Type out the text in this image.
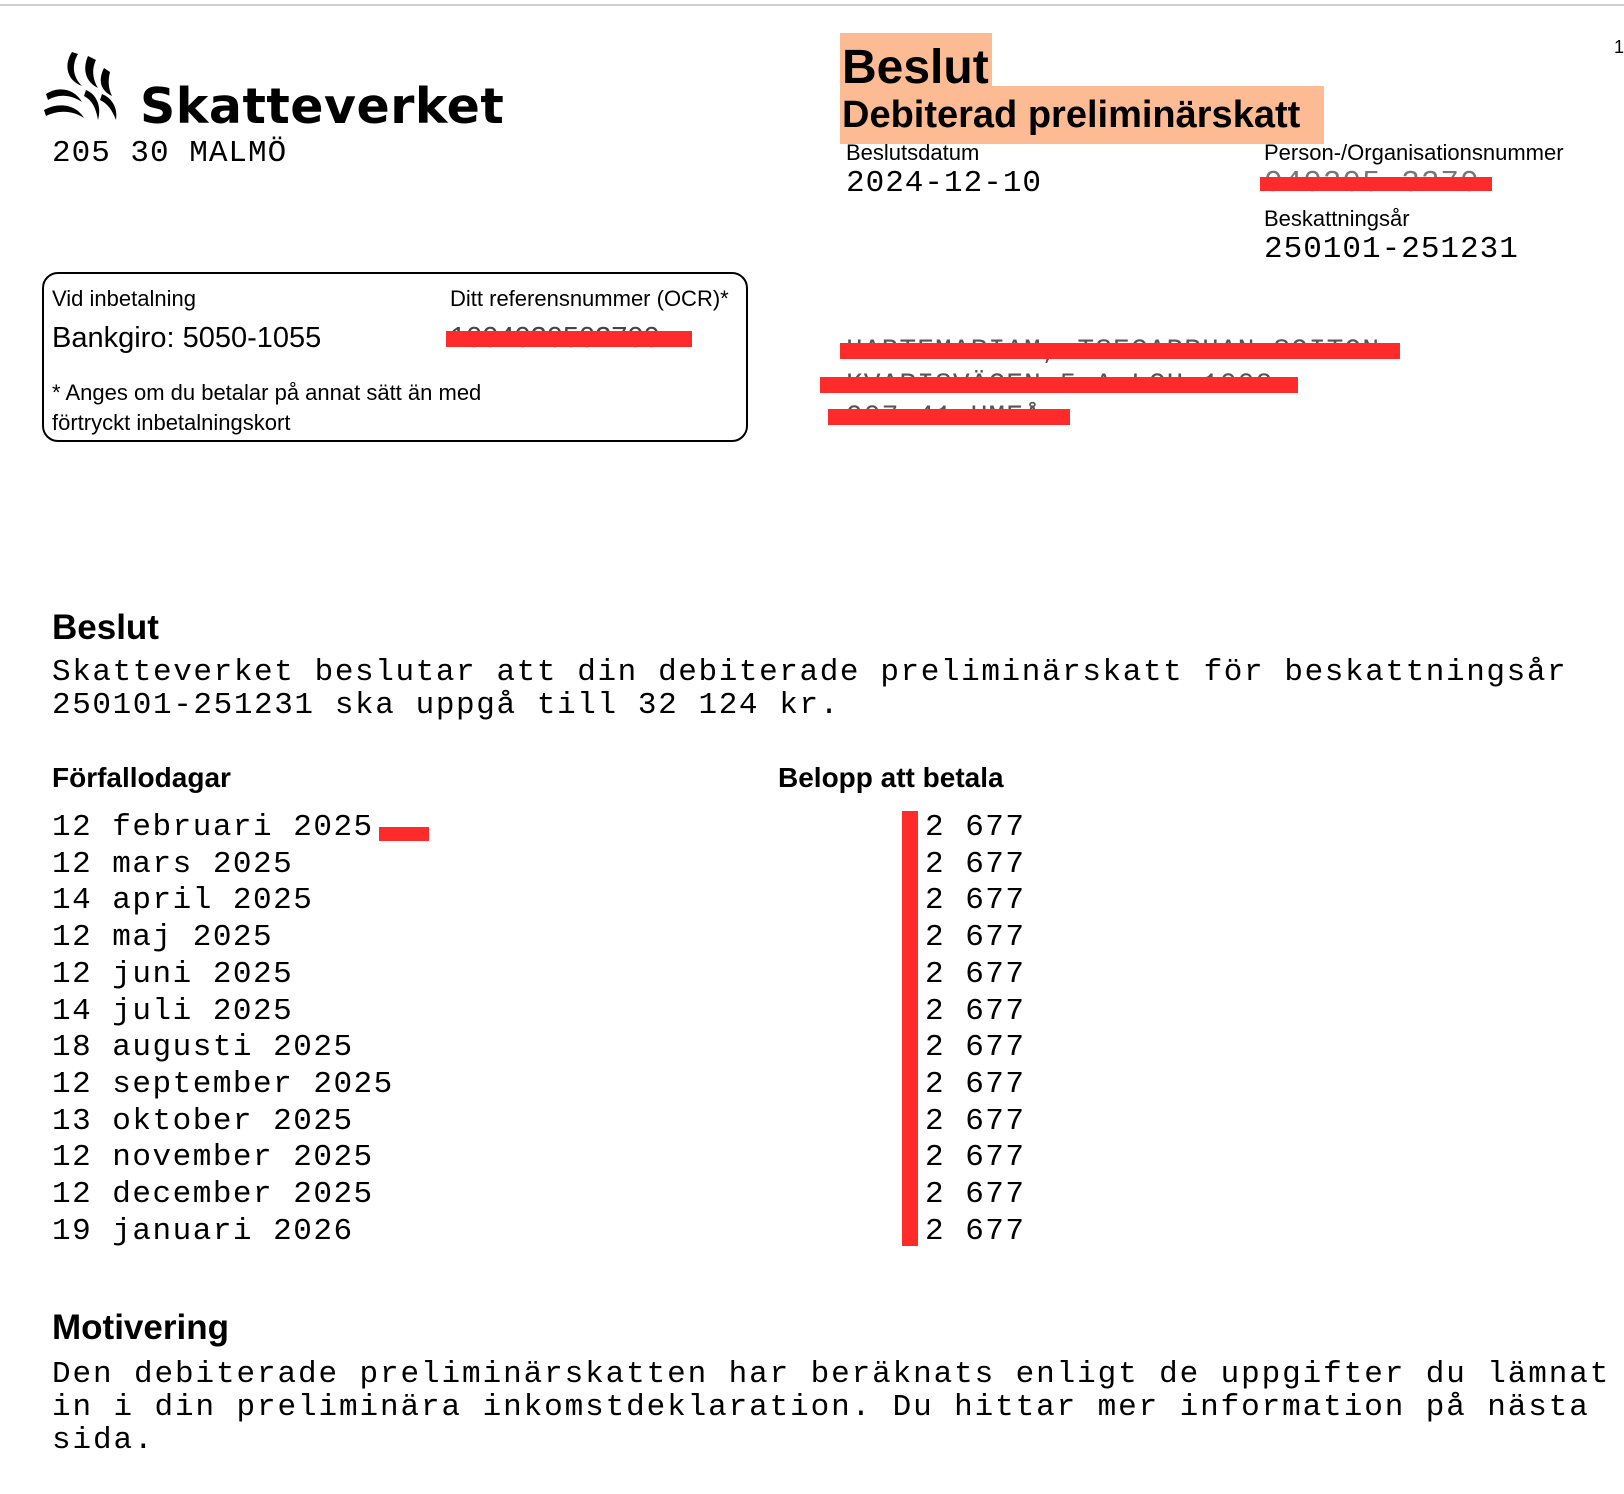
1
Skatteverket
205 30 MALMÖ
Beslut
Debiterad preliminärskatt
Beslutsdatum
2024-12-10
Person-/Organisationsnummer
Beskattningsår
250101-251231
Vid inbetalning
Bankgiro: 5050-1055
Ditt referensnummer (OCR)*
* Anges om du betalar på annat sätt än med
förtryckt inbetalningskort
Beslut
Skatteverket beslutar att din debiterade preliminärskatt för beskattningsår 250101-251231 ska uppgå till 32 124 kr.
Förfallodagar	Belopp att betala
12 februari 2025	2 677
12 mars 2025	2 677
14 april 2025	2 677
12 maj 2025	2 677
12 juni 2025	2 677
14 juli 2025	2 677
18 augusti 2025	2 677
12 september 2025	2 677
13 oktober 2025	2 677
12 november 2025	2 677
12 december 2025	2 677
19 januari 2026	2 677
Motivering
Den debiterade preliminärskatten har beräknats enligt de uppgifter du lämnat in i din preliminära inkomstdeklaration. Du hittar mer information på nästa sida.
